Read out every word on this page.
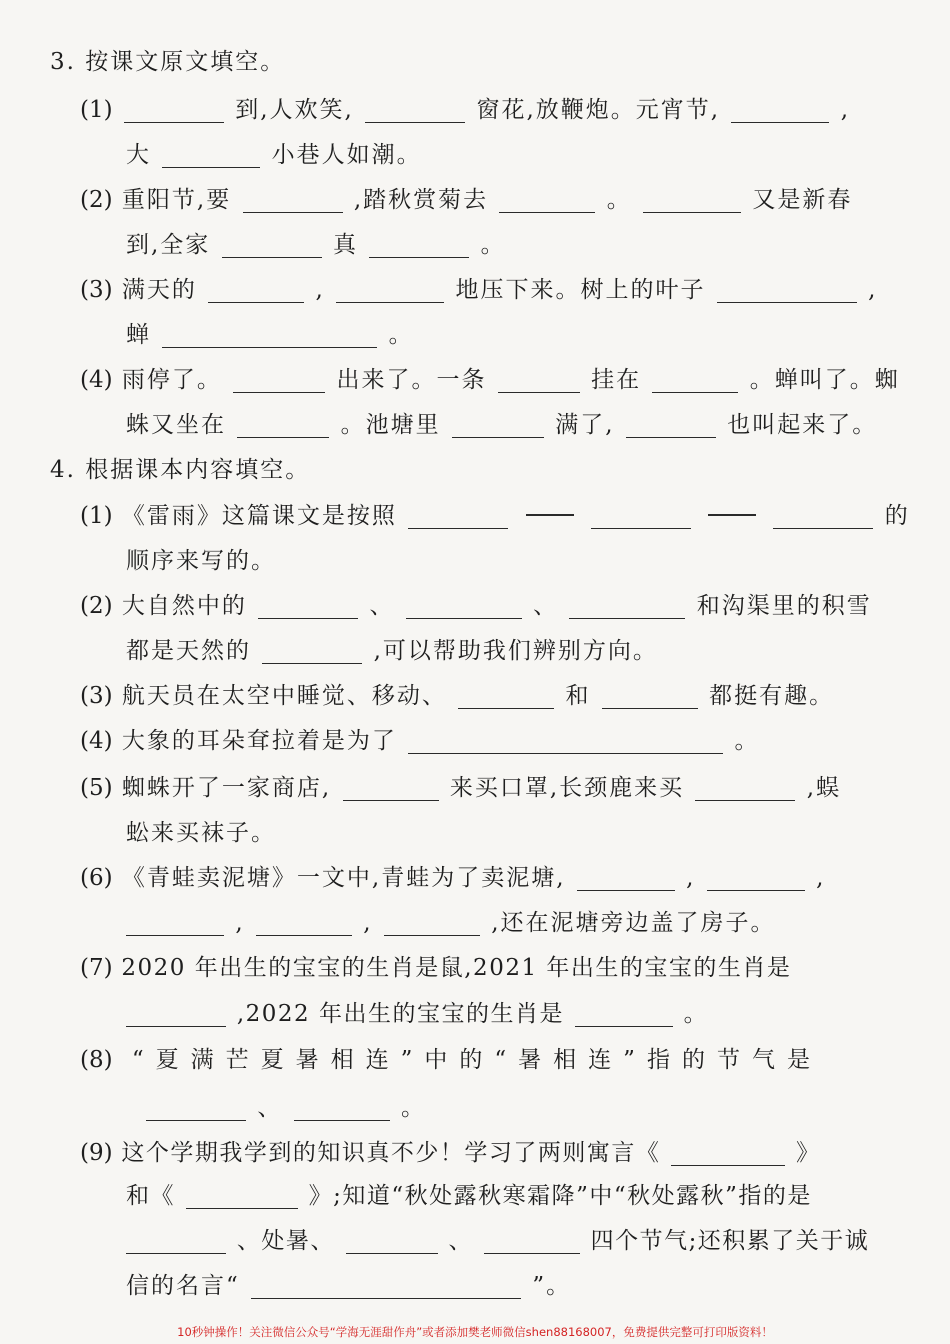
3. 按课文原文填空。
(1)	到,人欢笑,	窗花,放鞭炮。元宵节,	,
大	小巷人如潮。
(2) 重阳节,要	,踏秋赏菊去	。	又是新春
到,全家	真	。
(3) 满天的	,	地压下来。树上的叶子	,
蝉	。
(4) 雨停了。	出来了。一条	挂在	。蝉叫了。蜘
蛛又坐在	。池塘里	满了,	也叫起来了。
4. 根据课本内容填空。
(1) 《雷雨》这篇课文是按照	的
顺序来写的。
(2) 大自然中的	、	、	和沟渠里的积雪
都是天然的	,可以帮助我们辨别方向。
(3) 航天员在太空中睡觉、移动、	和	都挺有趣。
(4) 大象的耳朵耷拉着是为了	。
(5) 蜘蛛开了一家商店,	来买口罩,长颈鹿来买	,蜈
蚣来买袜子。
(6) 《青蛙卖泥塘》一文中,青蛙为了卖泥塘,	,	,
,	,	,还在泥塘旁边盖了房子。
(7) 2020 年出生的宝宝的生肖是鼠,2021 年出生的宝宝的生肖是
,2022 年出生的宝宝的生肖是	。
(8) “夏满芒夏暑相连”中的“暑相连”指的节气是
、	。
(9) 这个学期我学到的知识真不少！学习了两则寓言《	》
和《	》;知道“秋处露秋寒霜降”中“秋处露秋”指的是
、处暑、	、	四个节气;还积累了关于诚
信的名言“	”。
10秒钟操作！关注微信公众号“学海无涯甜作舟”或者添加樊老师微信shen88168007，免费提供完整可打印版资料！
